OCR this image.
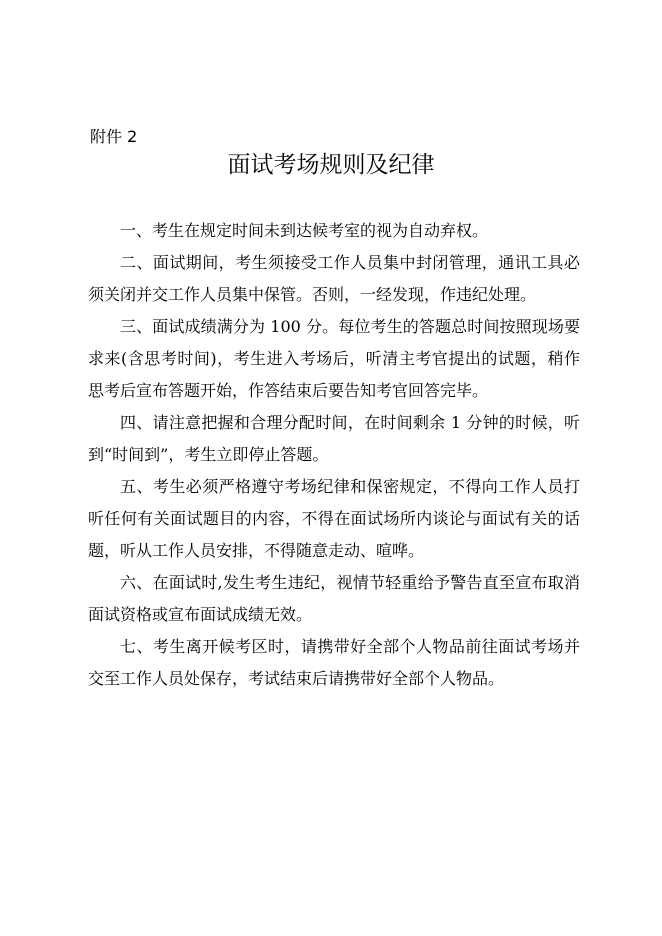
附件 2
面试考场规则及纪律

一、考生在规定时间未到达候考室的视为自动弃权。

二、面试期间，考生须接受工作人员集中封闭管理，通讯工具必须关闭并交工作人员集中保管。否则，一经发现，作违纪处理。

三、面试成绩满分为 100 分。每位考生的答题总时间按照现场要求来(含思考时间)，考生进入考场后，听清主考官提出的试题，稍作思考后宣布答题开始，作答结束后要告知考官回答完毕。

四、请注意把握和合理分配时间，在时间剩余 1 分钟的时候，听到“时间到”，考生立即停止答题。

五、考生必须严格遵守考场纪律和保密规定，不得向工作人员打听任何有关面试题目的内容，不得在面试场所内谈论与面试有关的话题，听从工作人员安排，不得随意走动、喧哗。

六、在面试时,发生考生违纪，视情节轻重给予警告直至宣布取消面试资格或宣布面试成绩无效。

七、考生离开候考区时，请携带好全部个人物品前往面试考场并交至工作人员处保存，考试结束后请携带好全部个人物品。
